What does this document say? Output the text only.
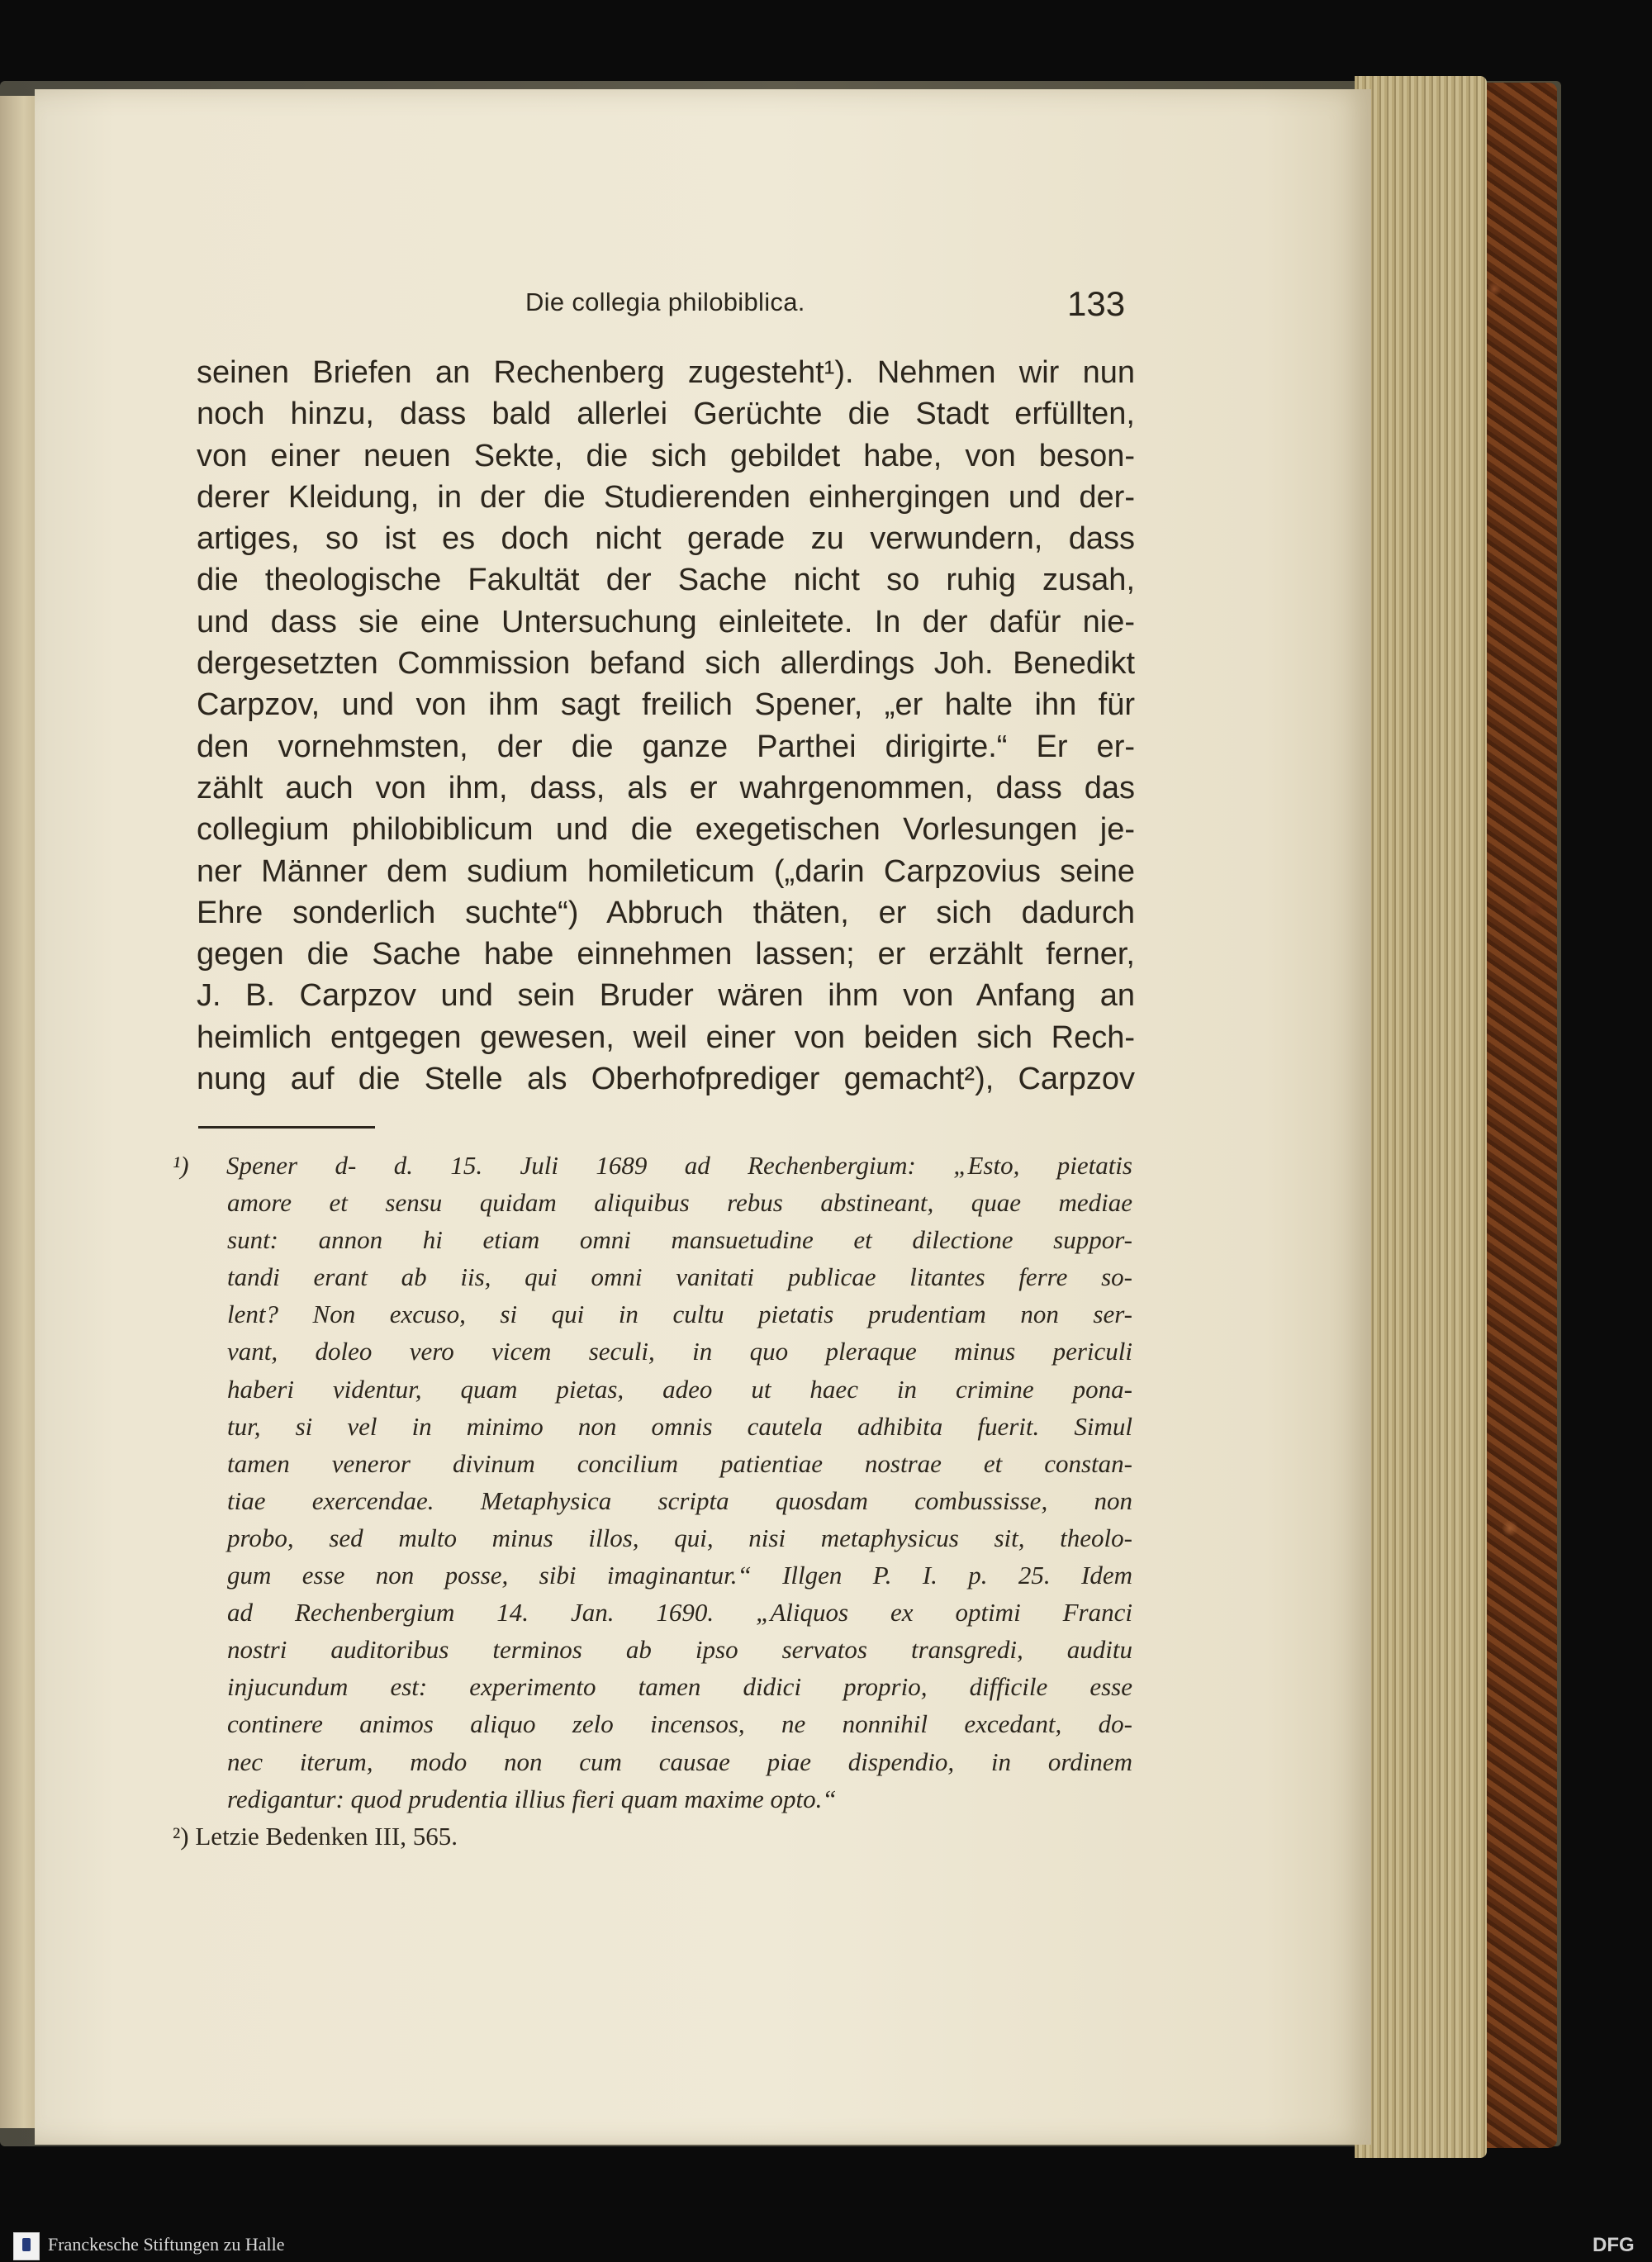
Die collegia philobiblica.	133
seinen Briefen an Rechenberg zugesteht¹). Nehmen wir nun
noch hinzu, dass bald allerlei Gerüchte die Stadt erfüllten,
von einer neuen Sekte, die sich gebildet habe, von beson-
derer Kleidung, in der die Studierenden einhergingen und der-
artiges, so ist es doch nicht gerade zu verwundern, dass
die theologische Fakultät der Sache nicht so ruhig zusah,
und dass sie eine Untersuchung einleitete. In der dafür nie-
dergesetzten Commission befand sich allerdings Joh. Benedikt
Carpzov, und von ihm sagt freilich Spener, „er halte ihn für
den vornehmsten, der die ganze Parthei dirigirte.“ Er er-
zählt auch von ihm, dass, als er wahrgenommen, dass das
collegium philobiblicum und die exegetischen Vorlesungen je-
ner Männer dem sudium homileticum („darin Carpzovius seine
Ehre sonderlich suchte“) Abbruch thäten, er sich dadurch
gegen die Sache habe einnehmen lassen; er erzählt ferner,
J. B. Carpzov und sein Bruder wären ihm von Anfang an
heimlich entgegen gewesen, weil einer von beiden sich Rech-
nung auf die Stelle als Oberhofprediger gemacht²), Carpzov
¹) Spener d- d. 15. Juli 1689 ad Rechenbergium: „Esto, pietatis
amore et sensu quidam aliquibus rebus abstineant, quae mediae
sunt: annon hi etiam omni mansuetudine et dilectione suppor-
tandi erant ab iis, qui omni vanitati publicae litantes ferre so-
lent? Non excuso, si qui in cultu pietatis prudentiam non ser-
vant, doleo vero vicem seculi, in quo pleraque minus periculi
haberi videntur, quam pietas, adeo ut haec in crimine pona-
tur, si vel in minimo non omnis cautela adhibita fuerit. Simul
tamen veneror divinum concilium patientiae nostrae et constan-
tiae exercendae. Metaphysica scripta quosdam combussisse, non
probo, sed multo minus illos, qui, nisi metaphysicus sit, theolo-
gum esse non posse, sibi imaginantur.“ Illgen P. I. p. 25. Idem
ad Rechenbergium 14. Jan. 1690. „Aliquos ex optimi Franci
nostri auditoribus terminos ab ipso servatos transgredi, auditu
injucundum est: experimento tamen didici proprio, difficile esse
continere animos aliquo zelo incensos, ne nonnihil excedant, do-
nec iterum, modo non cum causae piae dispendio, in ordinem
redigantur: quod prudentia illius fieri quam maxime opto.“
²) Letzie Bedenken III, 565.
Franckesche Stiftungen zu Halle	DFG
